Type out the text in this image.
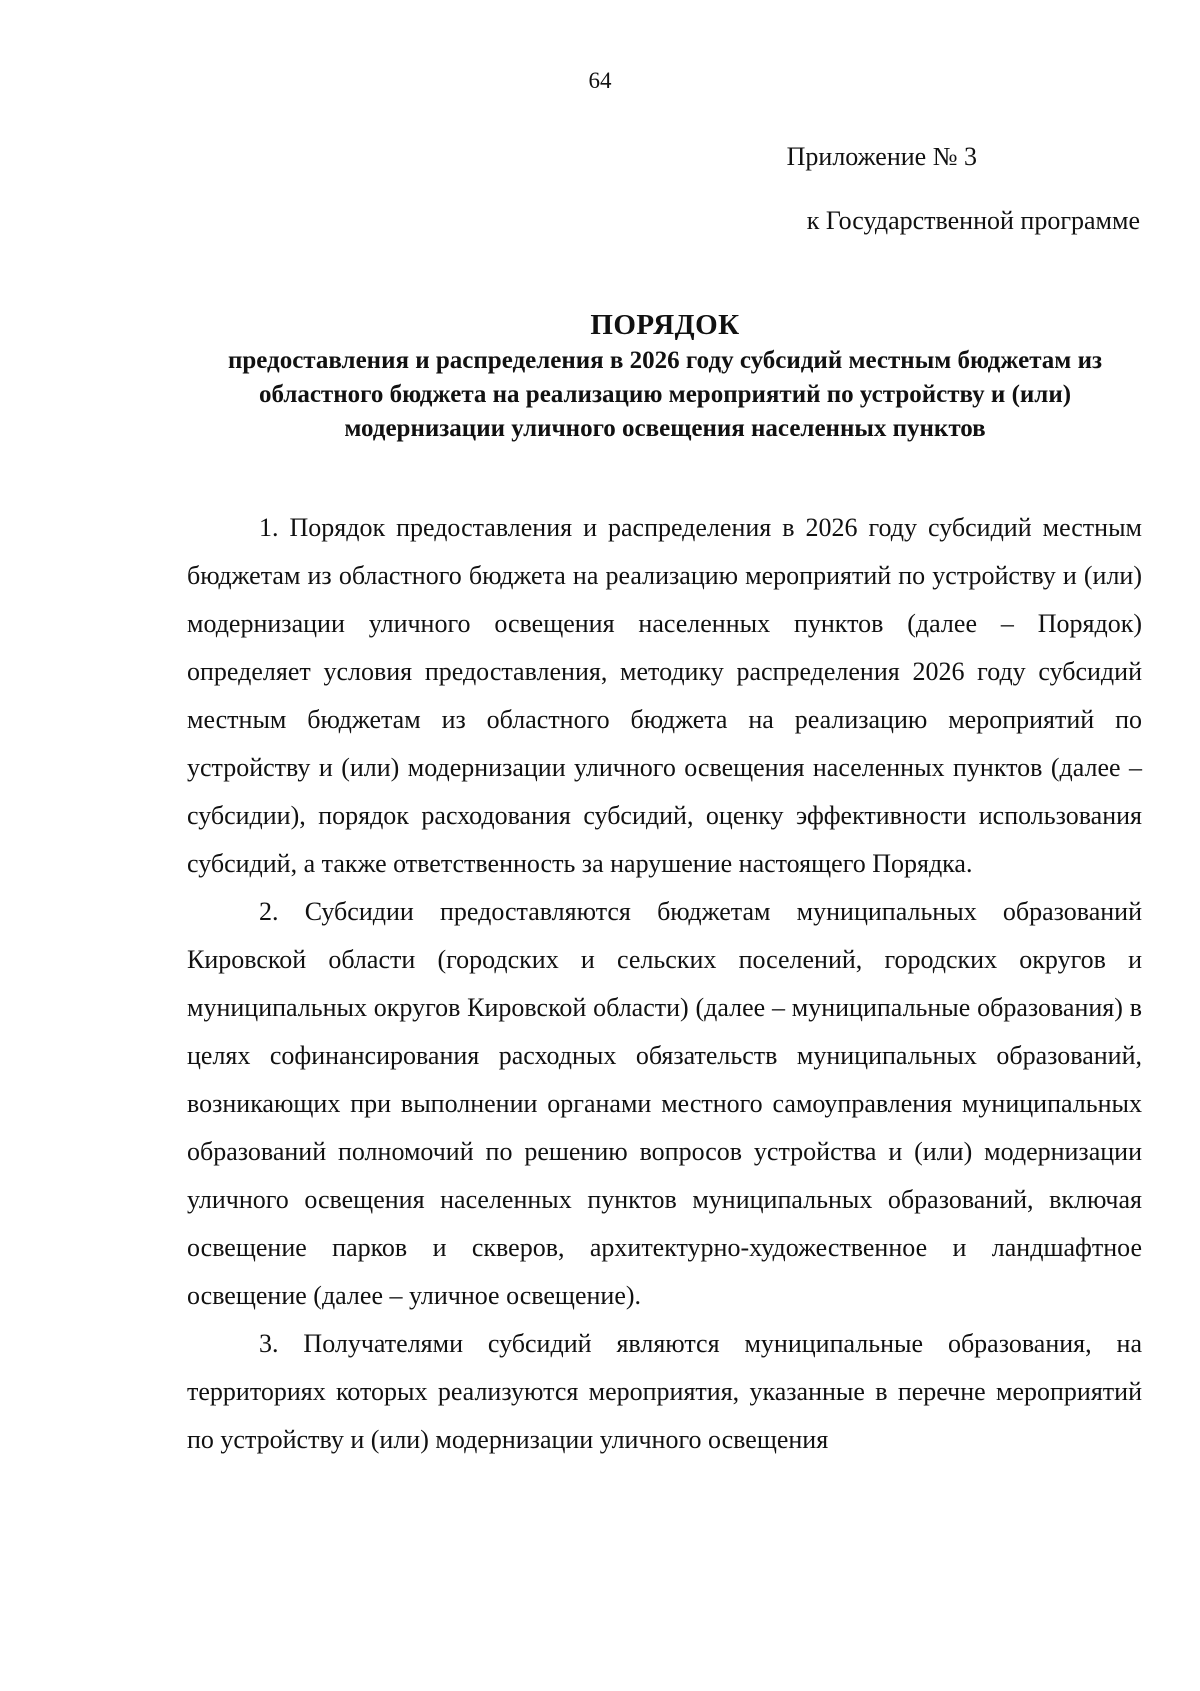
64
Приложение № 3
к Государственной программе
ПОРЯДОК
предоставления и распределения в 2026 году субсидий местным бюджетам из областного бюджета на реализацию мероприятий по устройству и (или) модернизации уличного освещения населенных пунктов

1. Порядок предоставления и распределения в 2026 году субсидий местным бюджетам из областного бюджета на реализацию мероприятий по устройству и (или) модернизации уличного освещения населенных пунктов (далее – Порядок) определяет условия предоставления, методику распределения 2026 году субсидий местным бюджетам из областного бюджета на реализацию мероприятий по устройству и (или) модернизации уличного освещения населенных пунктов (далее – субсидии), порядок расходования субсидий, оценку эффективности использования субсидий, а также ответственность за нарушение настоящего Порядка.

2. Субсидии предоставляются бюджетам муниципальных образований Кировской области (городских и сельских поселений, городских округов и муниципальных округов Кировской области) (далее – муниципальные образования) в целях софинансирования расходных обязательств муниципальных образований, возникающих при выполнении органами местного самоуправления муниципальных образований полномочий по решению вопросов устройства и (или) модернизации уличного освещения населенных пунктов муниципальных образований, включая освещение парков и скверов, архитектурно-художественное и ландшафтное освещение (далее – уличное освещение).

3. Получателями субсидий являются муниципальные образования, на территориях которых реализуются мероприятия, указанные в перечне мероприятий по устройству и (или) модернизации уличного освещения
